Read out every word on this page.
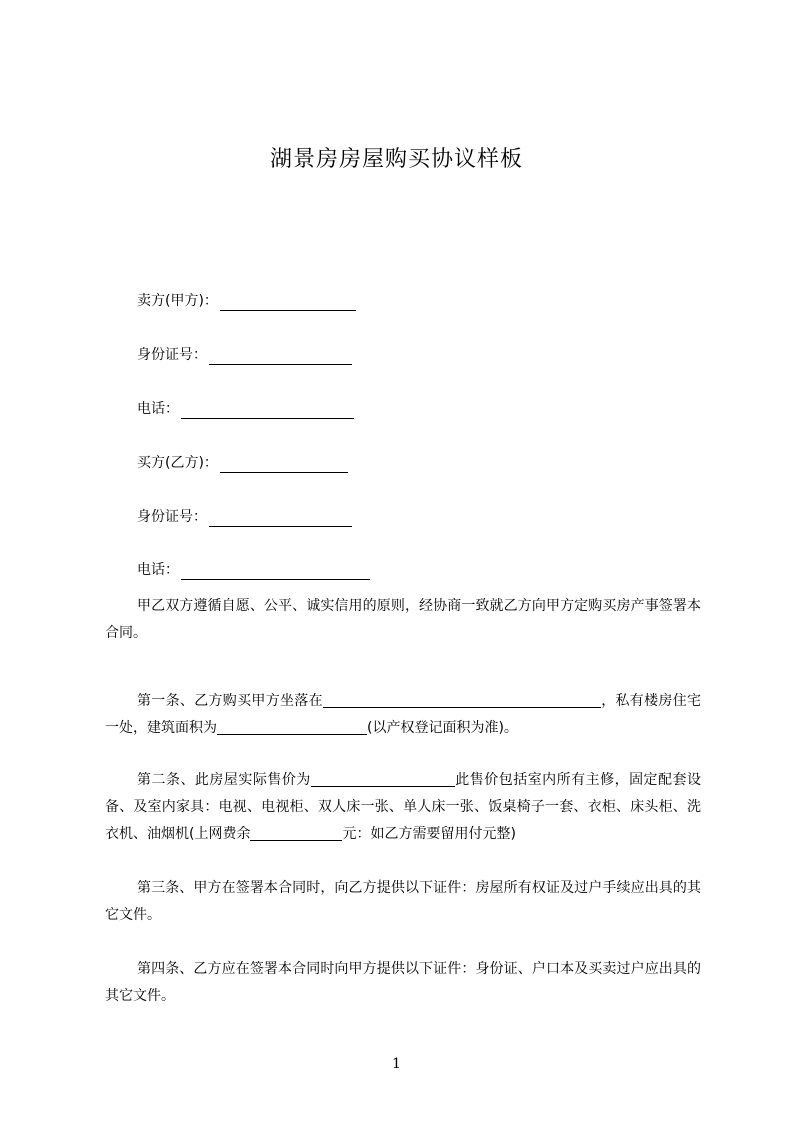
湖景房房屋购买协议样板
卖方(甲方)：
身份证号：
电话：
买方(乙方)：
身份证号：
电话：

甲乙双方遵循自愿、公平、诚实信用的原则，经协商一致就乙方向甲方定购买房产事签署本合同。

第一条、乙方购买甲方坐落在	，私有楼房住宅一处，建筑面积为	(以产权登记面积为准)。

第二条、此房屋实际售价为	此售价包括室内所有主修，固定配套设备、及室内家具：电视、电视柜、双人床一张、单人床一张、饭桌椅子一套、衣柜、床头柜、洗衣机、油烟机(上网费余	元：如乙方需要留用付元整)

第三条、甲方在签署本合同时，向乙方提供以下证件：房屋所有权证及过户手续应出具的其它文件。

第四条、乙方应在签署本合同时向甲方提供以下证件：身份证、户口本及买卖过户应出具的其它文件。

1
